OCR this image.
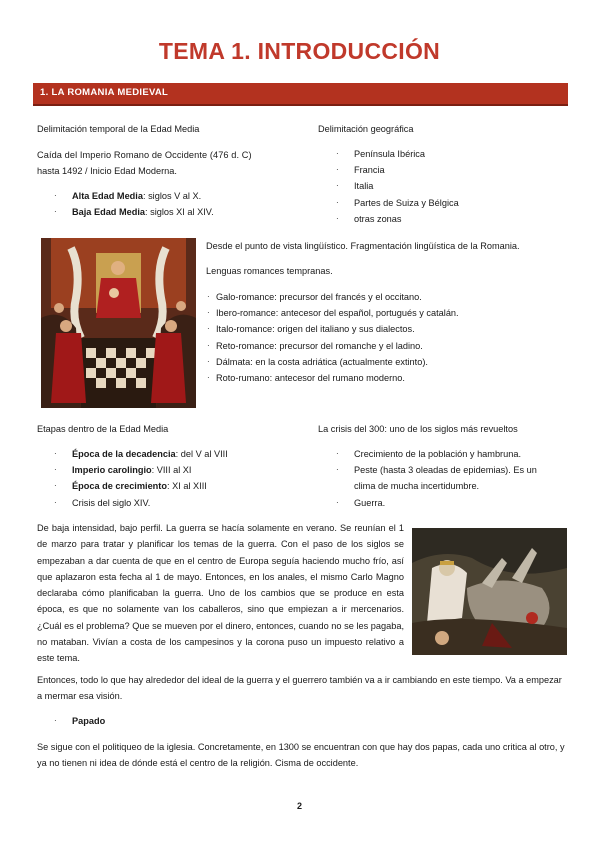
TEMA 1. INTRODUCCIÓN
1. LA ROMANIA MEDIEVAL
Delimitación temporal de la Edad Media
Caída del Imperio Romano de Occidente (476 d. C)
hasta 1492 / Inicio Edad Moderna.
· Alta Edad Media: siglos V al X.
· Baja Edad Media: siglos XI al XIV.
Delimitación geográfica
· Península Ibérica
· Francia
· Italia
· Partes de Suiza y Bélgica
· otras zonas
Desde el punto de vista lingüístico. Fragmentación lingüística de la Romania.
Lenguas romances tempranas.
· Galo-romance: precursor del francés y el occitano.
· Ibero-romance: antecesor del español, portugués y catalán.
· Italo-romance: origen del italiano y sus dialectos.
· Reto-romance: precursor del romanche y el ladino.
· Dálmata: en la costa adriática (actualmente extinto).
· Roto-rumano: antecesor del rumano moderno.
Etapas dentro de la Edad Media
· Época de la decadencia: del V al VIII
· Imperio carolingio: VIII al XI
· Época de crecimiento: XI al XIII
· Crisis del siglo XIV.
La crisis del 300: uno de los siglos más revueltos
· Crecimiento de la población y hambruna.
· Peste (hasta 3 oleadas de epidemias). Es un
clima de mucha incertidumbre.
· Guerra.
De baja intensidad, bajo perfil. La guerra se hacía solamente en verano. Se reunían el 1 de marzo para tratar y planificar los temas de la guerra. Con el paso de los siglos se empezaban a dar cuenta de que en el centro de Europa seguía haciendo mucho frío, así que aplazaron esta fecha al 1 de mayo. Entonces, en los anales, el mismo Carlo Magno declaraba cómo planificaban la guerra. Uno de los cambios que se produce en esta época, es que no solamente van los caballeros, sino que empiezan a ir mercenarios. ¿Cuál es el problema? Que se mueven por el dinero, entonces, cuando no se les pagaba, no mataban. Vivían a costa de los campesinos y la corona puso un impuesto relativo a este tema.
Entonces, todo lo que hay alrededor del ideal de la guerra y el guerrero también va a ir cambiando en este tiempo. Va a empezar a mermar esa visión.
· Papado
Se sigue con el politiqueo de la iglesia. Concretamente, en 1300 se encuentran con que hay dos papas, cada uno critica al otro, y ya no tienen ni idea de dónde está el centro de la religión. Cisma de occidente.
2
